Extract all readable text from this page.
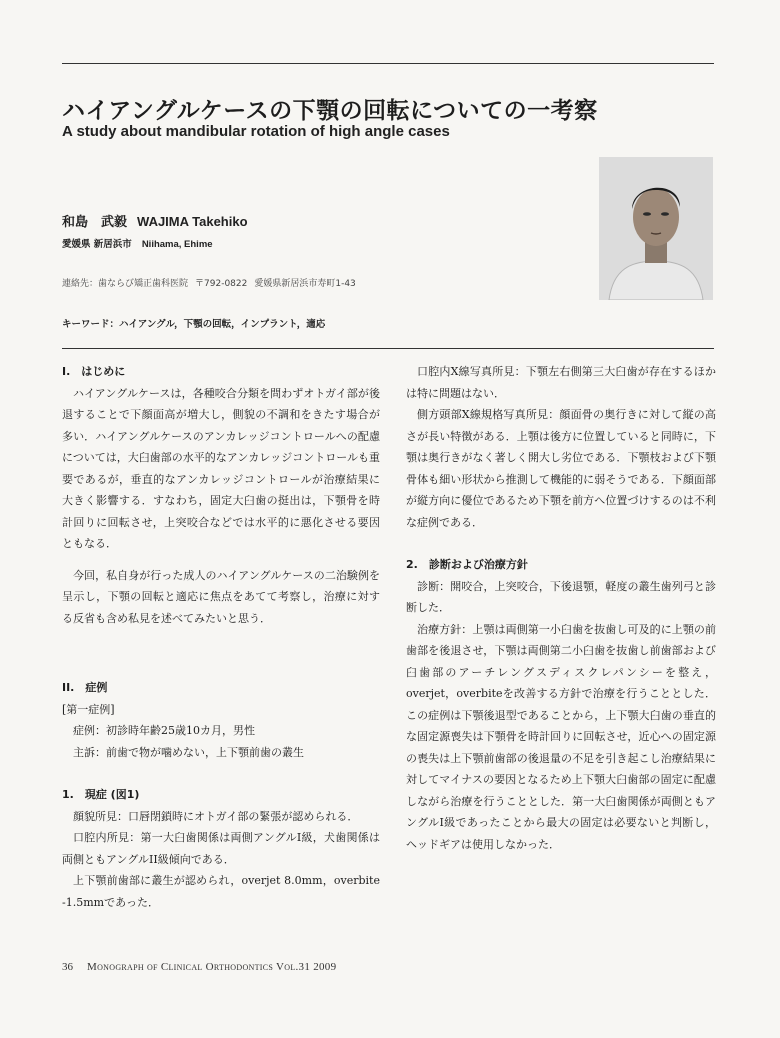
ハイアングルケースの下顎の回転についての一考察
A study about mandibular rotation of high angle cases
和島　武毅 WAJIMA Takehiko
愛媛県 新居浜市 Niihama, Ehime
連絡先：歯ならび矯正歯科医院 〒792-0822 愛媛県新居浜市寿町1-43
キーワード：ハイアングル，下顎の回転，インプラント，適応
I.　はじめに

ハイアングルケースは，各種咬合分類を問わずオトガイ部が後退することで下顔面高が増大し，側貌の不調和をきたす場合が多い．ハイアングルケースのアンカレッジコントロールへの配慮については，大臼歯部の水平的なアンカレッジコントロールも重要であるが，垂直的なアンカレッジコントロールが治療結果に大きく影響する．すなわち，固定大臼歯の挺出は，下顎骨を時計回りに回転させ，上突咬合などでは水平的に悪化させる要因ともなる．

今回，私自身が行った成人のハイアングルケースの二治験例を呈示し，下顎の回転と適応に焦点をあてて考察し，治療に対する反省も含め私見を述べてみたいと思う．

II.　症例

[第一症例]

症例：初診時年齢25歳10カ月，男性

主訴：前歯で物が噛めない，上下顎前歯の叢生

1.　現症 (図1)

顔貌所見：口唇閉鎖時にオトガイ部の緊張が認められる．

口腔内所見：第一大臼歯関係は両側アングルI級，犬歯関係は両側ともアングルII級傾向である．

上下顎前歯部に叢生が認められ，overjet 8.0mm，overbite -1.5mmであった．

口腔内X線写真所見：下顎左右側第三大臼歯が存在するほかは特に問題はない．

側方頭部X線規格写真所見：顔面骨の奥行きに対して縦の高さが長い特徴がある．上顎は後方に位置していると同時に，下顎は奥行きがなく著しく開大し劣位である．下顎枝および下顎骨体も細い形状から推測して機能的に弱そうである．下顔面部が縦方向に優位であるため下顎を前方へ位置づけするのは不利な症例である．

2.　診断および治療方針

診断：開咬合，上突咬合，下後退顎，軽度の叢生歯列弓と診断した．

治療方針：上顎は両側第一小臼歯を抜歯し可及的に上顎の前歯部を後退させ，下顎は両側第二小臼歯を抜歯し前歯部および臼歯部のアーチレングスディスクレパンシーを整え，overjet，overbiteを改善する方針で治療を行うこととした．この症例は下顎後退型であることから，上下顎大臼歯の垂直的な固定源喪失は下顎骨を時計回りに回転させ，近心への固定源の喪失は上下顎前歯部の後退量の不足を引き起こし治療結果に対してマイナスの要因となるため上下顎大臼歯部の固定に配慮しながら治療を行うこととした．第一大臼歯関係が両側ともアングルI級であったことから最大の固定は必要ないと判断し，ヘッドギアは使用しなかった．

36 Monograph of Clinical Orthodontics Vol.31 2009
